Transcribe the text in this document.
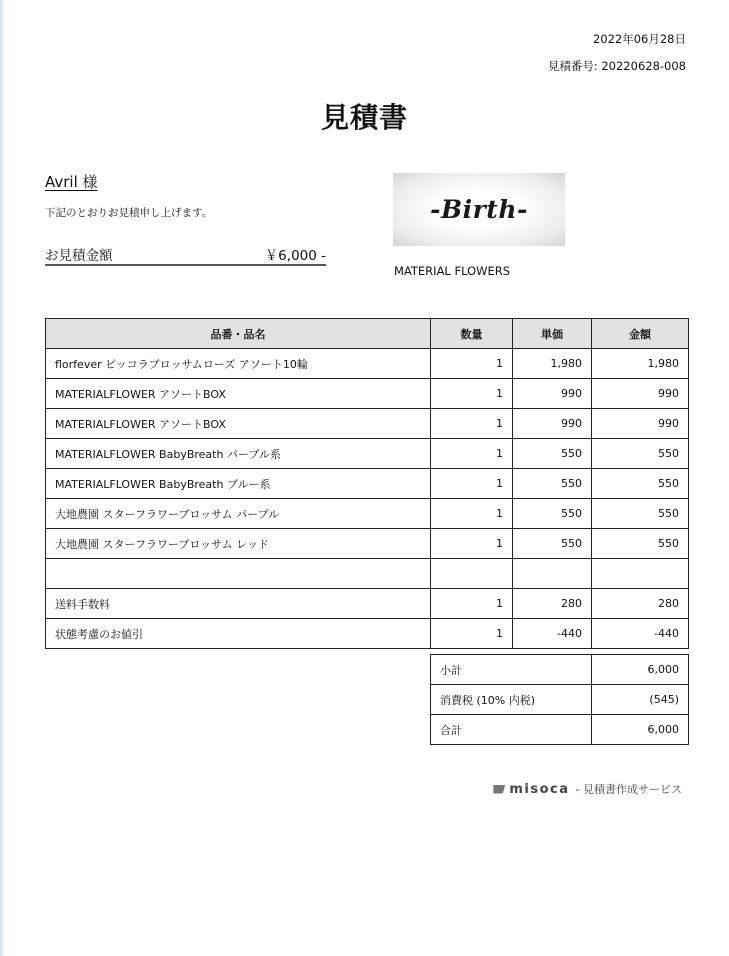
2022年06月28日
見積番号: 20220628-008
見積書
Avril 様
下記のとおりお見積申し上げます。
お見積金額	￥6,000 -
-Birth-
MATERIAL FLOWERS
品番・品名	数量	単価	金額
florfever ピッコラブロッサムローズ アソート10輪	1	1,980	1,980
MATERIALFLOWER アソートBOX	1	990	990
MATERIALFLOWER アソートBOX	1	990	990
MATERIALFLOWER BabyBreath パープル系	1	550	550
MATERIALFLOWER BabyBreath ブルー系	1	550	550
大地農園 スターフラワーブロッサム パープル	1	550	550
大地農園 スターフラワーブロッサム レッド	1	550	550

送料手数料	1	280	280
状態考慮のお値引	1	-440	-440
小計	6,000
消費税 (10% 内税)	(545)
合計	6,000
misoca - 見積書作成サービス
